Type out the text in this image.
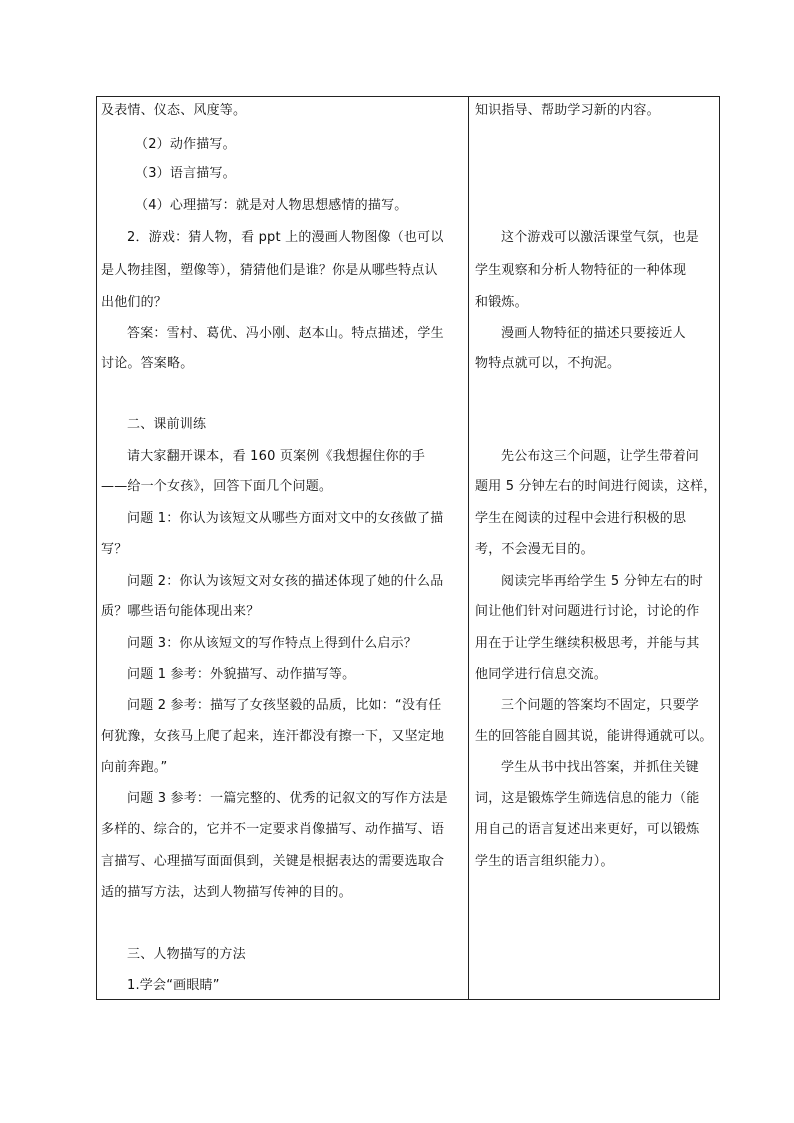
及表情、仪态、风度等。
（2）动作描写。
（3）语言描写。
（4）心理描写：就是对人物思想感情的描写。
2．游戏：猜人物，看 ppt 上的漫画人物图像（也可以
是人物挂图，塑像等），猜猜他们是谁？你是从哪些特点认
出他们的？
答案：雪村、葛优、冯小刚、赵本山。特点描述，学生
讨论。答案略。
二、课前训练
请大家翻开课本，看 160 页案例《我想握住你的手
——给一个女孩》，回答下面几个问题。
问题 1：你认为该短文从哪些方面对文中的女孩做了描
写？
问题 2：你认为该短文对女孩的描述体现了她的什么品
质？哪些语句能体现出来？
问题 3：你从该短文的写作特点上得到什么启示？
问题 1 参考：外貌描写、动作描写等。
问题 2 参考：描写了女孩坚毅的品质，比如：“没有任
何犹豫，女孩马上爬了起来，连汗都没有擦一下，又坚定地
向前奔跑。”
问题 3 参考：一篇完整的、优秀的记叙文的写作方法是
多样的、综合的，它并不一定要求肖像描写、动作描写、语
言描写、心理描写面面俱到，关键是根据表达的需要选取合
适的描写方法，达到人物描写传神的目的。
三、人物描写的方法
1.学会“画眼睛”
知识指导、帮助学习新的内容。
这个游戏可以激活课堂气氛，也是
学生观察和分析人物特征的一种体现
和锻炼。
漫画人物特征的描述只要接近人
物特点就可以，不拘泥。
先公布这三个问题，让学生带着问
题用 5 分钟左右的时间进行阅读，这样，
学生在阅读的过程中会进行积极的思
考，不会漫无目的。
阅读完毕再给学生 5 分钟左右的时
间让他们针对问题进行讨论，讨论的作
用在于让学生继续积极思考，并能与其
他同学进行信息交流。
三个问题的答案均不固定，只要学
生的回答能自圆其说，能讲得通就可以。
学生从书中找出答案，并抓住关键
词，这是锻炼学生筛选信息的能力（能
用自己的语言复述出来更好，可以锻炼
学生的语言组织能力）。
